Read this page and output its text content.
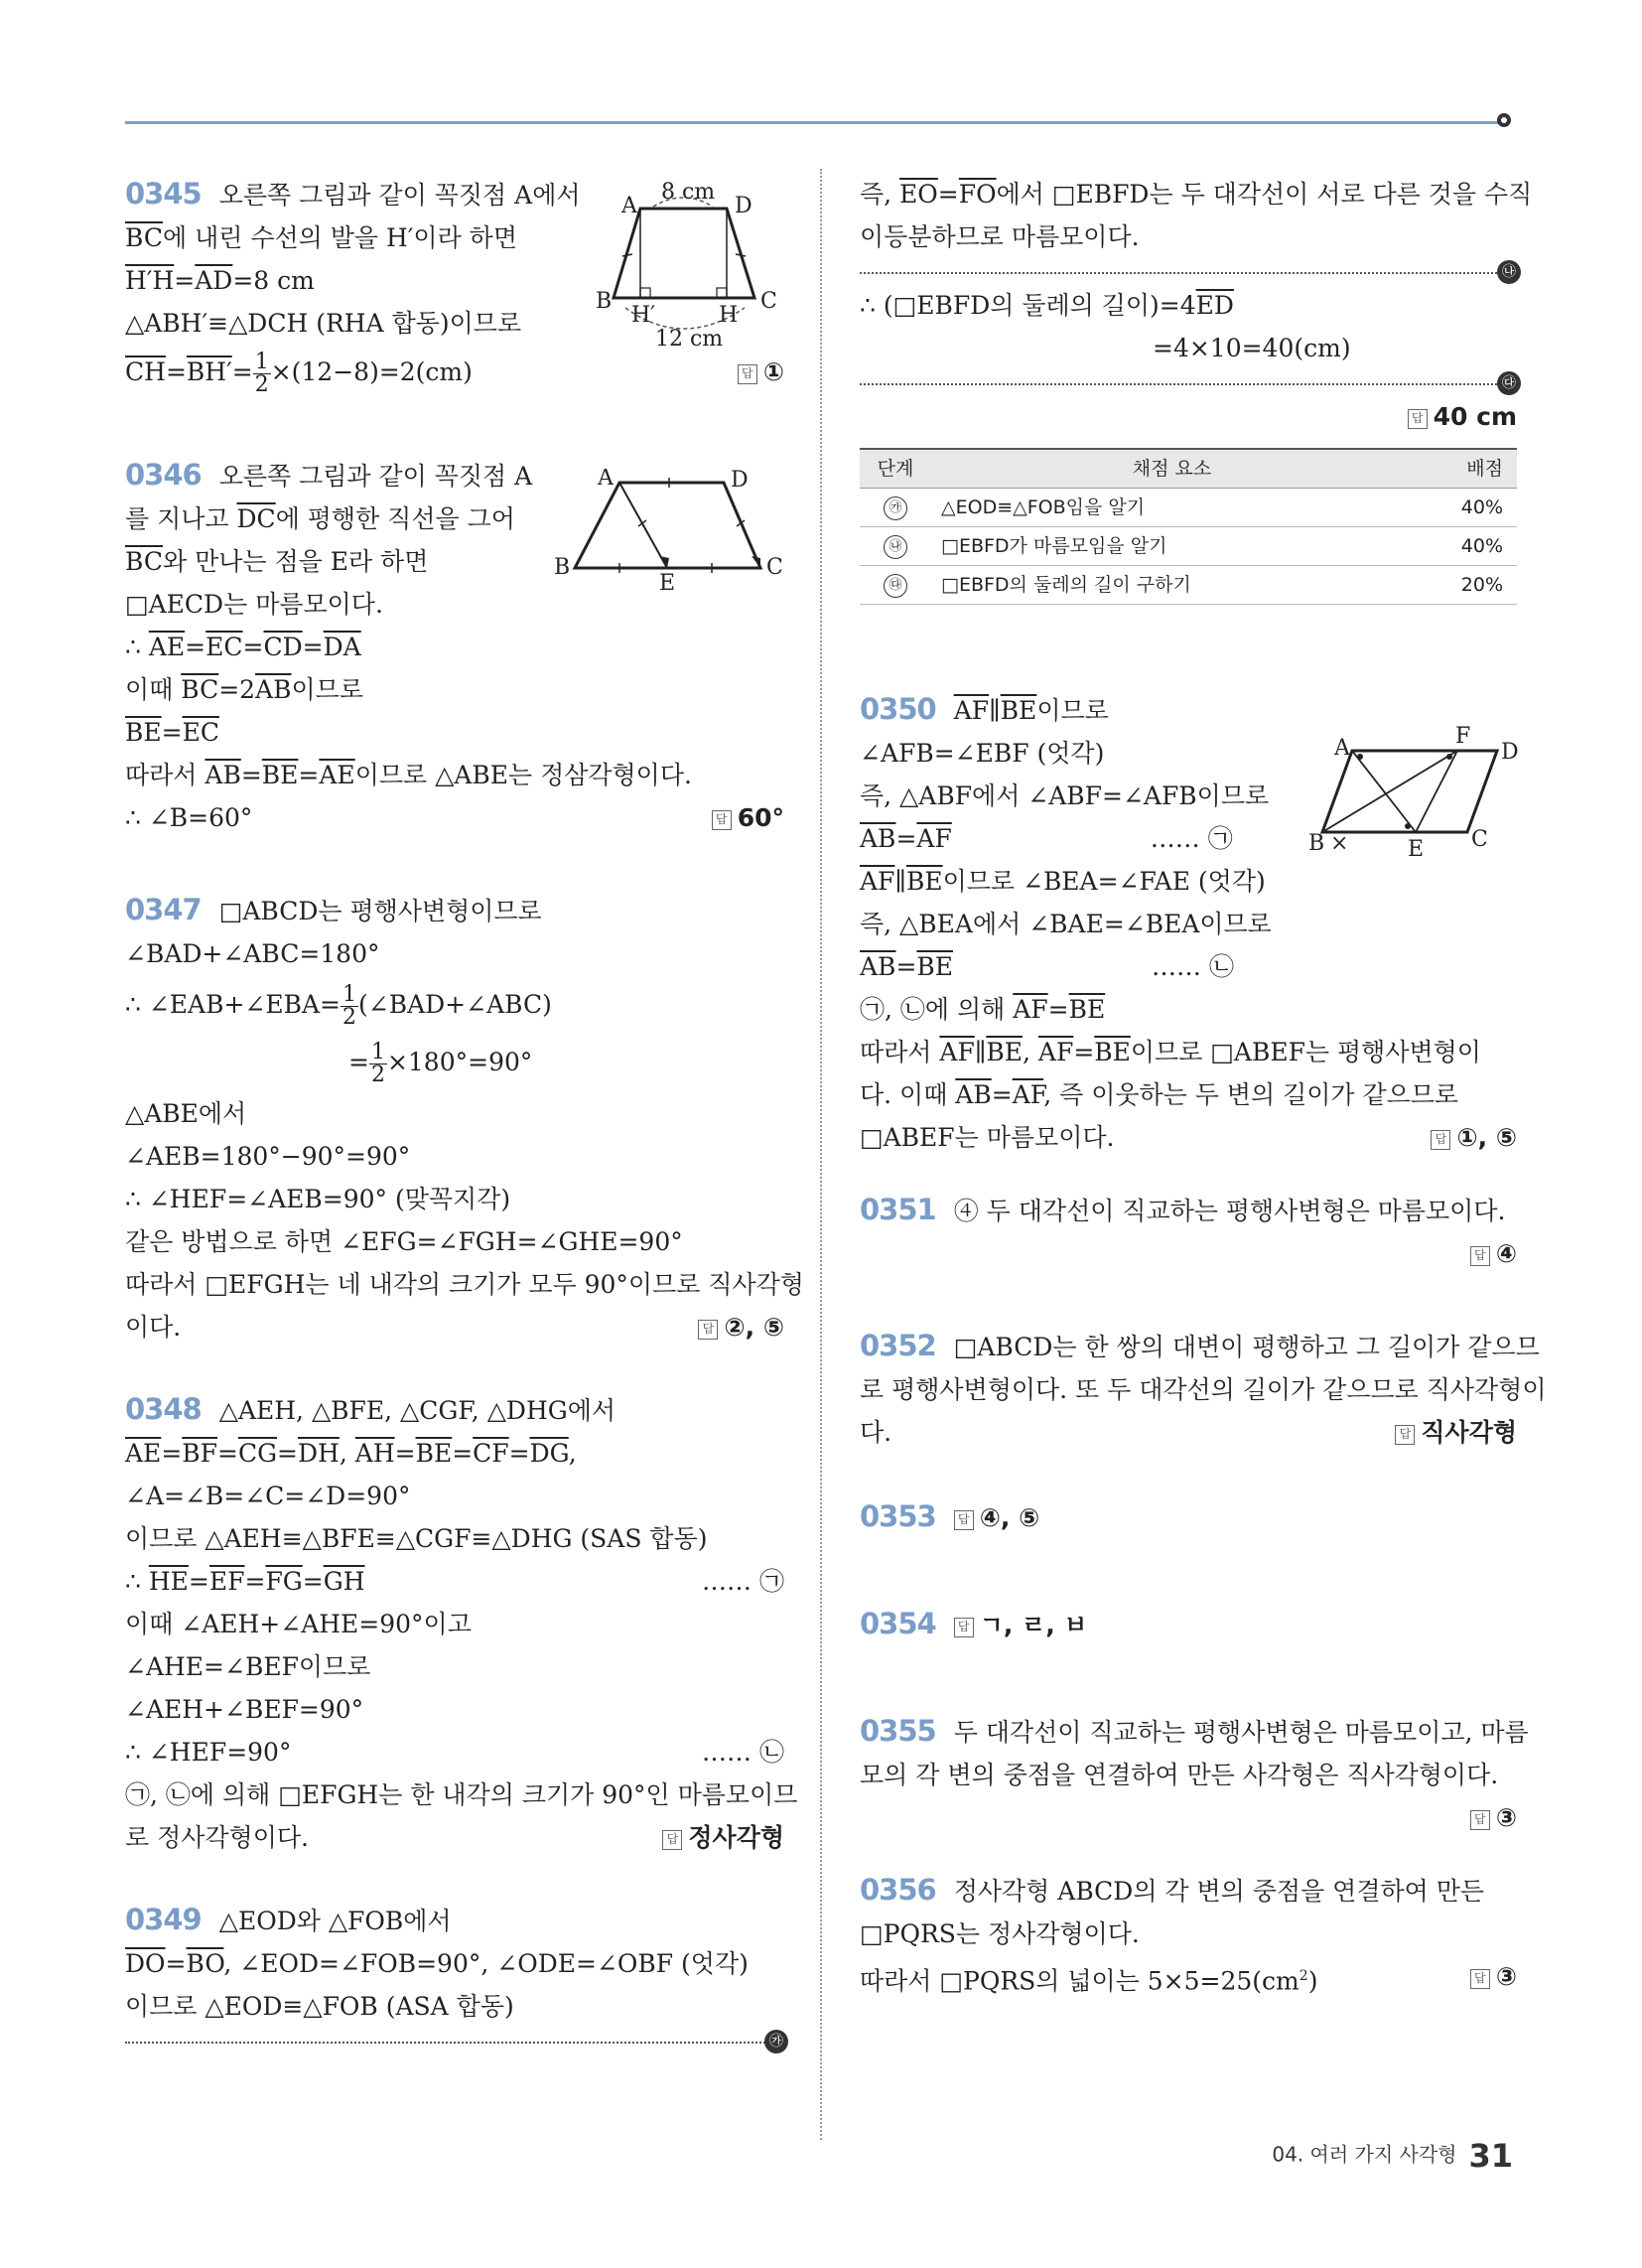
0345 오른쪽 그림과 같이 꼭짓점 A에서
$\overline{BC}$에 내린 수선의 발을 H′이라 하면
$H'H=\overline{AD}=8$ cm
△ABH′≡△DCH (RHA 합동)이므로
$\overline{CH}=BH'= \frac{1}{2} \times(12-8)=2(cm)$	답 ①
0346 오른쪽 그림과 같이 꼭짓점 A
를 지나고 $\overline{DC}$에 평행한 직선을 그어
$\overline{BC}$와 만나는 점을 E라 하면
□AECD는 마름모이다.
∴ $\overline{AE}=\overline{EC}=\overline{CD}=\overline{DA}$
이때 $\overline{BC}=2\overline{AB}$이므로
$\overline{BE}=\overline{EC}$
따라서 $\overline{AB}=\overline{BE}=\overline{AE}$이므로 △ABE는 정삼각형이다.
∴ ∠B=60°	답 60°
0347 □ABCD는 평행사변형이므로
∠BAD+∠ABC=180°
∴ ∠EAB+∠EBA= $\frac{1}{2}$ (∠BAD+∠ABC)
= $\frac{1}{2} \times 180^\circ=90^\circ$
△ABE에서
∠AEB=180°−90°=90°
∴ ∠HEF=∠AEB=90° (맞꼭지각)
같은 방법으로 하면 ∠EFG=∠FGH=∠GHE=90°
따라서 □EFGH는 네 내각의 크기가 모두 90°이므로 직사각형
이다.	답 ②, ⑤
0348 △AEH, △BFE, △CGF, △DHG에서
$\overline{AE}=\overline{BF}=\overline{CG}=\overline{DH}$, $\overline{AH}=\overline{BE}=\overline{CF}=\overline{DG}$,
∠A=∠B=∠C=∠D=90°
이므로 △AEH≡△BFE≡△CGF≡△DHG (SAS 합동)
∴ $\overline{HE}=\overline{EF}=\overline{FG}=\overline{GH}$	…… ㉠
이때 ∠AEH+∠AHE=90°이고
∠AHE=∠BEF이므로
∠AEH+∠BEF=90°
∴ ∠HEF=90°	…… ㉡
㉠, ㉡에 의해 □EFGH는 한 내각의 크기가 90°인 마름모이므
로 정사각형이다.	답 정사각형
0349 △EOD와 △FOB에서
$\overline{DO}=\overline{BO}$, ∠EOD=∠FOB=90°, ∠ODE=∠OBF (엇각)
이므로 △EOD≡△FOB (ASA 합동)
㉮
A	D
B	C
H′	H
8 cm
12 cm
A	D
B	C
E
즉, $\overline{EO}=\overline{FO}$에서 □EBFD는 두 대각선이 서로 다른 것을 수직
이등분하므로 마름모이다.
㉯
∴ (□EBFD의 둘레의 길이)$=4\overline{ED}$
=4×10=40(cm)
㉰
답 40 cm
단계	채점 요소	배점
㉮	△EOD≡△FOB임을 알기	40%
㉯	□EBFD가 마름모임을 알기	40%
㉰	□EBFD의 둘레의 길이 구하기	20%
0350 $\overline{AF}\parallel\overline{BE}$이므로
∠AFB=∠EBF (엇각)
즉, △ABF에서 ∠ABF=∠AFB이므로
$\overline{AB}=\overline{AF}$	…… ㉠
$\overline{AF}\parallel\overline{BE}$이므로 ∠BEA=∠FAE (엇각)
즉, △BEA에서 ∠BAE=∠BEA이므로
$\overline{AB}=\overline{BE}$	…… ㉡
㉠, ㉡에 의해 $\overline{AF}=\overline{BE}$
따라서 $\overline{AF}\parallel\overline{BE}$, $\overline{AF}=\overline{BE}$이므로 □ABEF는 평행사변형이
다. 이때 $\overline{AB}=\overline{AF}$, 즉 이웃하는 두 변의 길이가 같으므로
□ABEF는 마름모이다.	답 ①, ⑤
0351 ④ 두 대각선이 직교하는 평행사변형은 마름모이다.
답 ④
0352 □ABCD는 한 쌍의 대변이 평행하고 그 길이가 같으므
로 평행사변형이다. 또 두 대각선의 길이가 같으므로 직사각형이
다.	답 직사각형
0353 답 ④, ⑤
0354 답 ㄱ, ㄹ, ㅂ
0355 두 대각선이 직교하는 평행사변형은 마름모이고, 마름
모의 각 변의 중점을 연결하여 만든 사각형은 직사각형이다.
답 ③
0356 정사각형 ABCD의 각 변의 중점을 연결하여 만든
□PQRS는 정사각형이다.
따라서 □PQRS의 넓이는 $5\times 5=25(cm^2)$	답 ③
×
A	F
D
B	E C
04. 여러 가지 사각형 31
